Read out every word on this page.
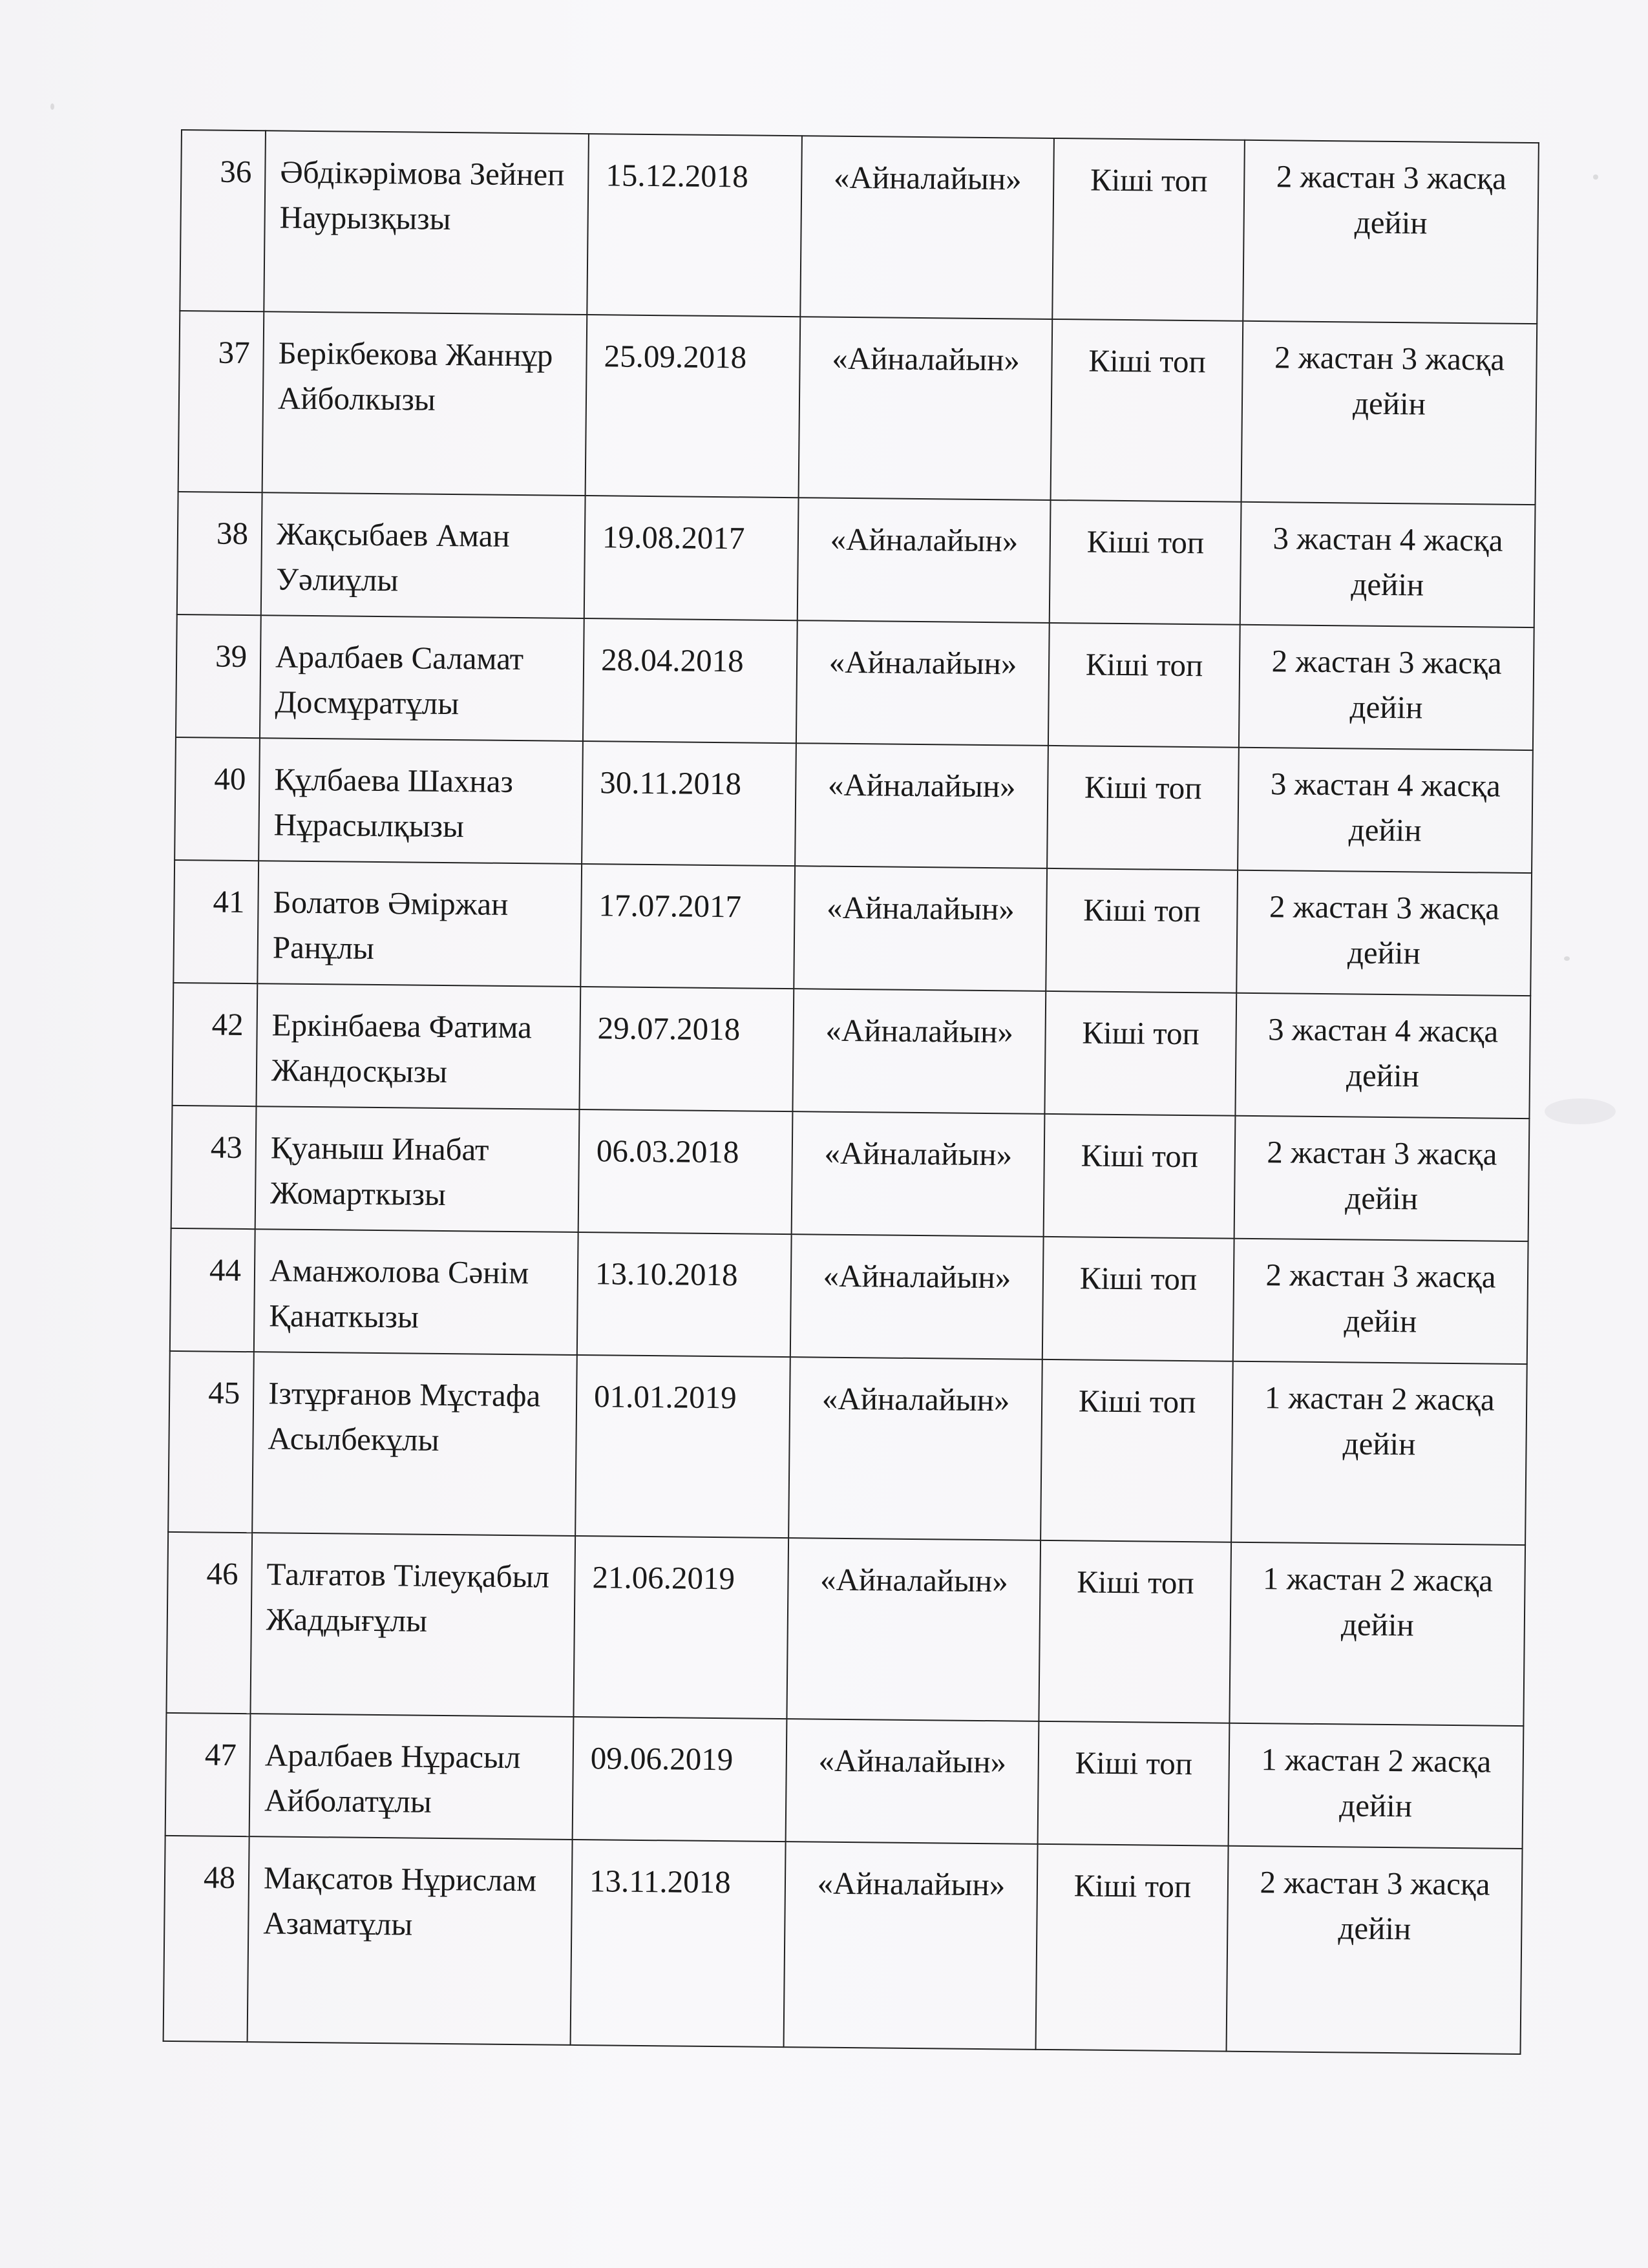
36	Әбдікәрімова Зейнеп Наурызқызы	15.12.2018	«Айналайын»	Кіші топ	2 жастан 3 жасқа дейін
37	Берікбекова Жаннұр Айболкызы	25.09.2018	«Айналайын»	Кіші топ	2 жастан 3 жасқа дейін
38	Жақсыбаев Аман Уәлиұлы	19.08.2017	«Айналайын»	Кіші топ	3 жастан 4 жасқа дейін
39	Аралбаев Саламат Досмұратұлы	28.04.2018	«Айналайын»	Кіші топ	2 жастан 3 жасқа дейін
40	Құлбаева Шахназ Нұрасылқызы	30.11.2018	«Айналайын»	Кіші топ	3 жастан 4 жасқа дейін
41	Болатов Әміржан Ранұлы	17.07.2017	«Айналайын»	Кіші топ	2 жастан 3 жасқа дейін
42	Еркінбаева Фатима Жандосқызы	29.07.2018	«Айналайын»	Кіші топ	3 жастан 4 жасқа дейін
43	Қуаныш Инабат Жомарткызы	06.03.2018	«Айналайын»	Кіші топ	2 жастан 3 жасқа дейін
44	Аманжолова Сәнім Қанаткызы	13.10.2018	«Айналайын»	Кіші топ	2 жастан 3 жасқа дейін
45	Ізтұрғанов Мұстафа Асылбекұлы	01.01.2019	«Айналайын»	Кіші топ	1 жастан 2 жасқа дейін
46	Талғатов Тілеуқабыл Жаддығұлы	21.06.2019	«Айналайын»	Кіші топ	1 жастан 2 жасқа дейін
47	Аралбаев Нұрасыл Айболатұлы	09.06.2019	«Айналайын»	Кіші топ	1 жастан 2 жасқа дейін
48	Мақсатов Нұрислам Азаматұлы	13.11.2018	«Айналайын»	Кіші топ	2 жастан 3 жасқа дейін
